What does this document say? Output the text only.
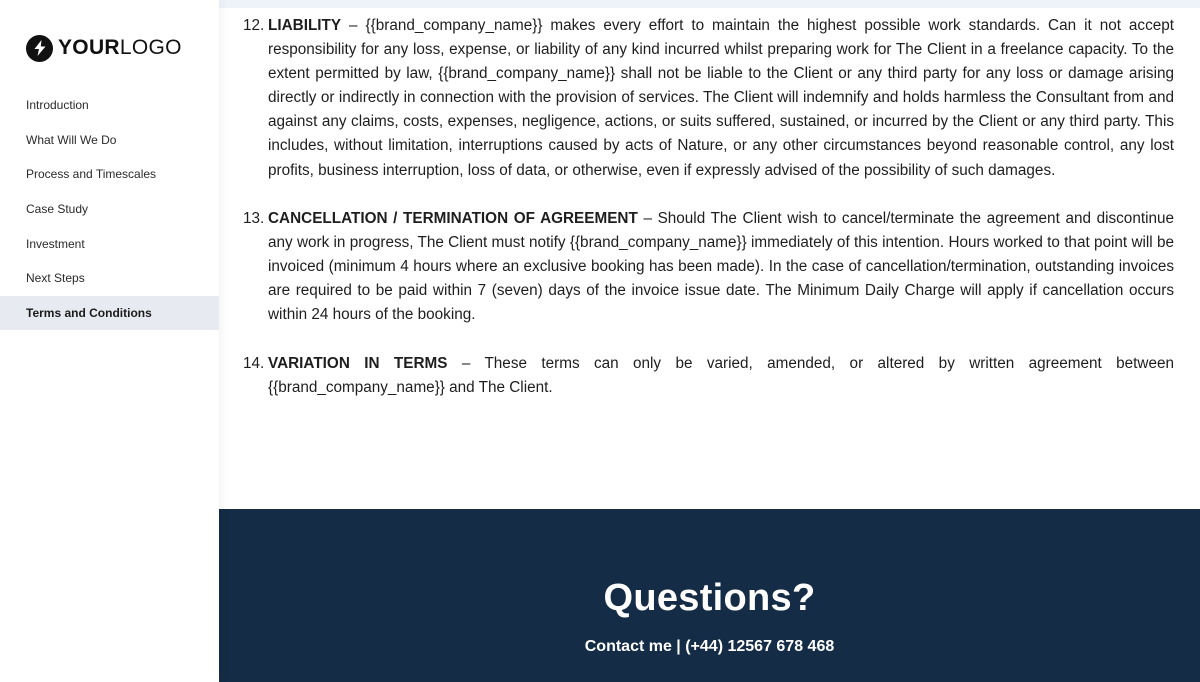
YOURLOGO
Introduction
What Will We Do
Process and Timescales
Case Study
Investment
Next Steps
Terms and Conditions
12. LIABILITY – {{brand_company_name}} makes every effort to maintain the highest possible work standards. Can it not accept responsibility for any loss, expense, or liability of any kind incurred whilst preparing work for The Client in a freelance capacity. To the extent permitted by law, {{brand_company_name}} shall not be liable to the Client or any third party for any loss or damage arising directly or indirectly in connection with the provision of services. The Client will indemnify and holds harmless the Consultant from and against any claims, costs, expenses, negligence, actions, or suits suffered, sustained, or incurred by the Client or any third party. This includes, without limitation, interruptions caused by acts of Nature, or any other circumstances beyond reasonable control, any lost profits, business interruption, loss of data, or otherwise, even if expressly advised of the possibility of such damages.

13. CANCELLATION / TERMINATION OF AGREEMENT – Should The Client wish to cancel/terminate the agreement and discontinue any work in progress, The Client must notify {{brand_company_name}} immediately of this intention. Hours worked to that point will be invoiced (minimum 4 hours where an exclusive booking has been made). In the case of cancellation/termination, outstanding invoices are required to be paid within 7 (seven) days of the invoice issue date. The Minimum Daily Charge will apply if cancellation occurs within 24 hours of the booking.

14. VARIATION IN TERMS – These terms can only be varied, amended, or altered by written agreement between {{brand_company_name}} and The Client.

Questions?
Contact me | (+44) 12567 678 468
